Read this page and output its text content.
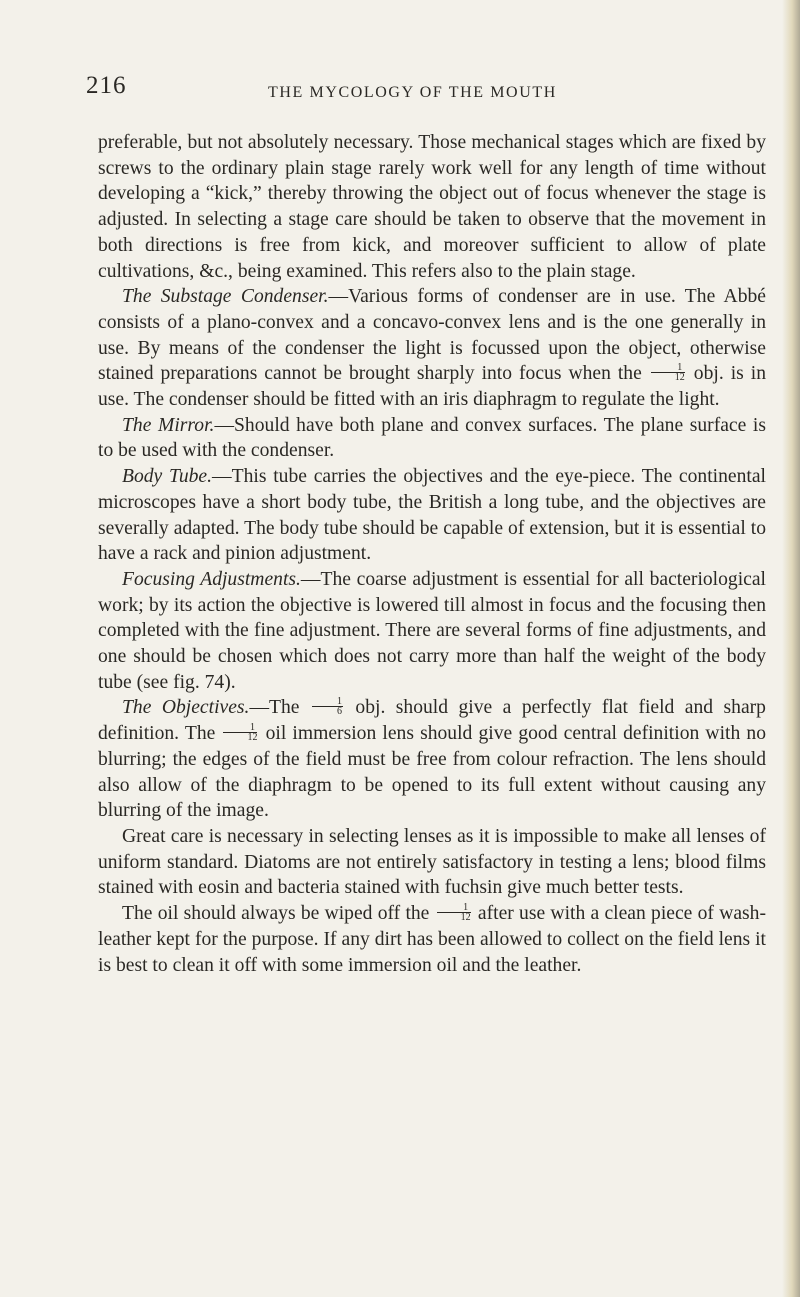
216	THE MYCOLOGY OF THE MOUTH

preferable, but not absolutely necessary. Those mechanical stages which are fixed by screws to the ordinary plain stage rarely work well for any length of time without developing a “kick,” thereby throwing the object out of focus whenever the stage is adjusted. In selecting a stage care should be taken to observe that the movement in both directions is free from kick, and moreover sufficient to allow of plate cultivations, &c., being examined. This refers also to the plain stage.

The Substage Condenser.—Various forms of condenser are in use. The Abbé consists of a plano-convex and a concavo-convex lens and is the one generally in use. By means of the condenser the light is focussed upon the object, otherwise stained preparations cannot be brought sharply into focus when the $\frac{1}{12}$ obj. is in use. The condenser should be fitted with an iris diaphragm to regulate the light.

The Mirror.—Should have both plane and convex surfaces. The plane surface is to be used with the condenser.

Body Tube.—This tube carries the objectives and the eye-piece. The continental microscopes have a short body tube, the British a long tube, and the objectives are severally adapted. The body tube should be capable of extension, but it is essential to have a rack and pinion adjustment.

Focusing Adjustments.—The coarse adjustment is essential for all bacteriological work; by its action the objective is lowered till almost in focus and the focusing then completed with the fine adjustment. There are several forms of fine adjustments, and one should be chosen which does not carry more than half the weight of the body tube (see fig. 74).

The Objectives.—The $\frac{1}{6}$ obj. should give a perfectly flat field and sharp definition. The $\frac{1}{12}$ oil immersion lens should give good central definition with no blurring; the edges of the field must be free from colour refraction. The lens should also allow of the diaphragm to be opened to its full extent without causing any blurring of the image.

Great care is necessary in selecting lenses as it is impossible to make all lenses of uniform standard. Diatoms are not entirely satisfactory in testing a lens; blood films stained with eosin and bacteria stained with fuchsin give much better tests.

The oil should always be wiped off the $\frac{1}{12}$ after use with a clean piece of wash-leather kept for the purpose. If any dirt has been allowed to collect on the field lens it is best to clean it off with some immersion oil and the leather.
